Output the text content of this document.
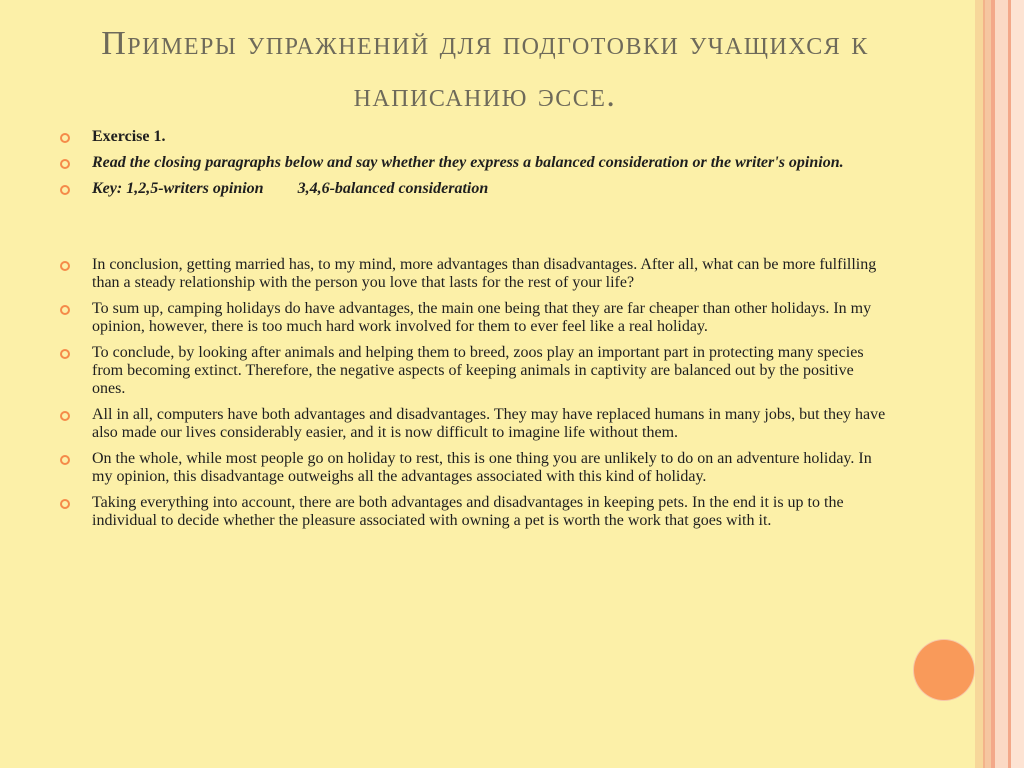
Примеры упражнений для подготовки учащихся к написанию эссе.
Exercise 1.
Read the closing paragraphs below and say whether they express a balanced consideration or the writer's opinion.
Key: 1,2,5-writers opinion 3,4,6-balanced consideration
In conclusion, getting married has, to my mind, more advantages than disadvantages. After all, what can be more fulfilling than a steady relationship with the person you love that lasts for the rest of your life?
To sum up, camping holidays do have advantages, the main one being that they are far cheaper than other holidays. In my opinion, however, there is too much hard work involved for them to ever feel like a real holiday.
To conclude, by looking after animals and helping them to breed, zoos play an important part in protecting many species from becoming extinct. Therefore, the negative aspects of keeping animals in captivity are balanced out by the positive ones.
All in all, computers have both advantages and disadvantages. They may have replaced humans in many jobs, but they have also made our lives considerably easier, and it is now difficult to imagine life without them.
On the whole, while most people go on holiday to rest, this is one thing you are unlikely to do on an adventure holiday. In my opinion, this disadvantage outweighs all the advantages associated with this kind of holiday.
Taking everything into account, there are both advantages and disadvantages in keeping pets. In the end it is up to the individual to decide whether the pleasure associated with owning a pet is worth the work that goes with it.
